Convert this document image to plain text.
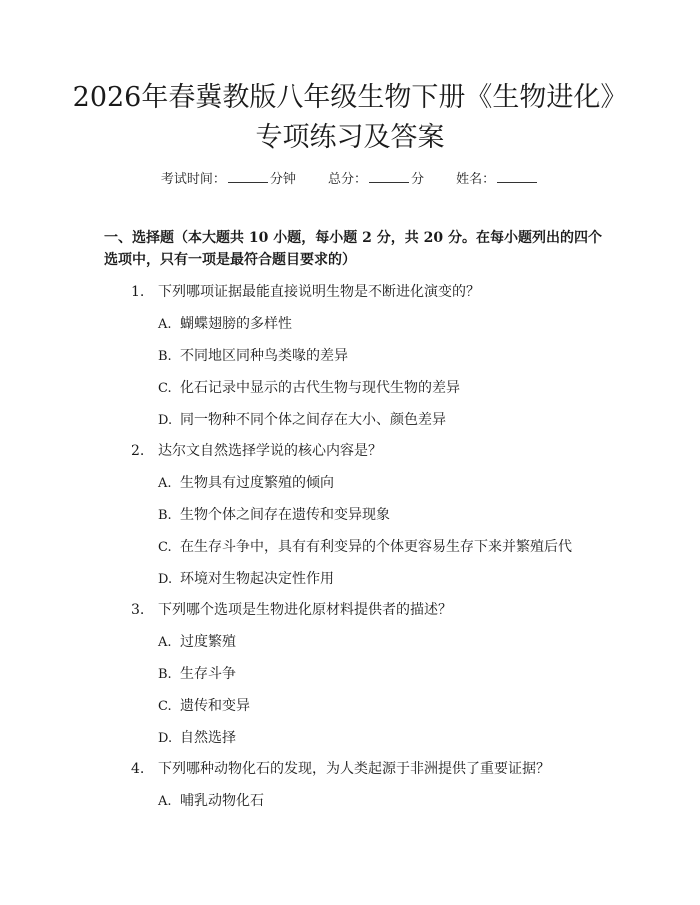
2026年春冀教版八年级生物下册《生物进化》专项练习及答案
考试时间：	分钟 总分：	分 姓名：

一、选择题（本大题共 10 小题，每小题 2 分，共 20 分。在每小题列出的四个选项中，只有一项是最符合题目要求的）

1. 下列哪项证据最能直接说明生物是不断进化演变的？
A. 蝴蝶翅膀的多样性
B. 不同地区同种鸟类喙的差异
C. 化石记录中显示的古代生物与现代生物的差异
D. 同一物种不同个体之间存在大小、颜色差异
2. 达尔文自然选择学说的核心内容是？
A. 生物具有过度繁殖的倾向
B. 生物个体之间存在遗传和变异现象
C. 在生存斗争中，具有有利变异的个体更容易生存下来并繁殖后代
D. 环境对生物起决定性作用
3. 下列哪个选项是生物进化原材料提供者的描述？
A. 过度繁殖
B. 生存斗争
C. 遗传和变异
D. 自然选择
4. 下列哪种动物化石的发现，为人类起源于非洲提供了重要证据？
A. 哺乳动物化石
